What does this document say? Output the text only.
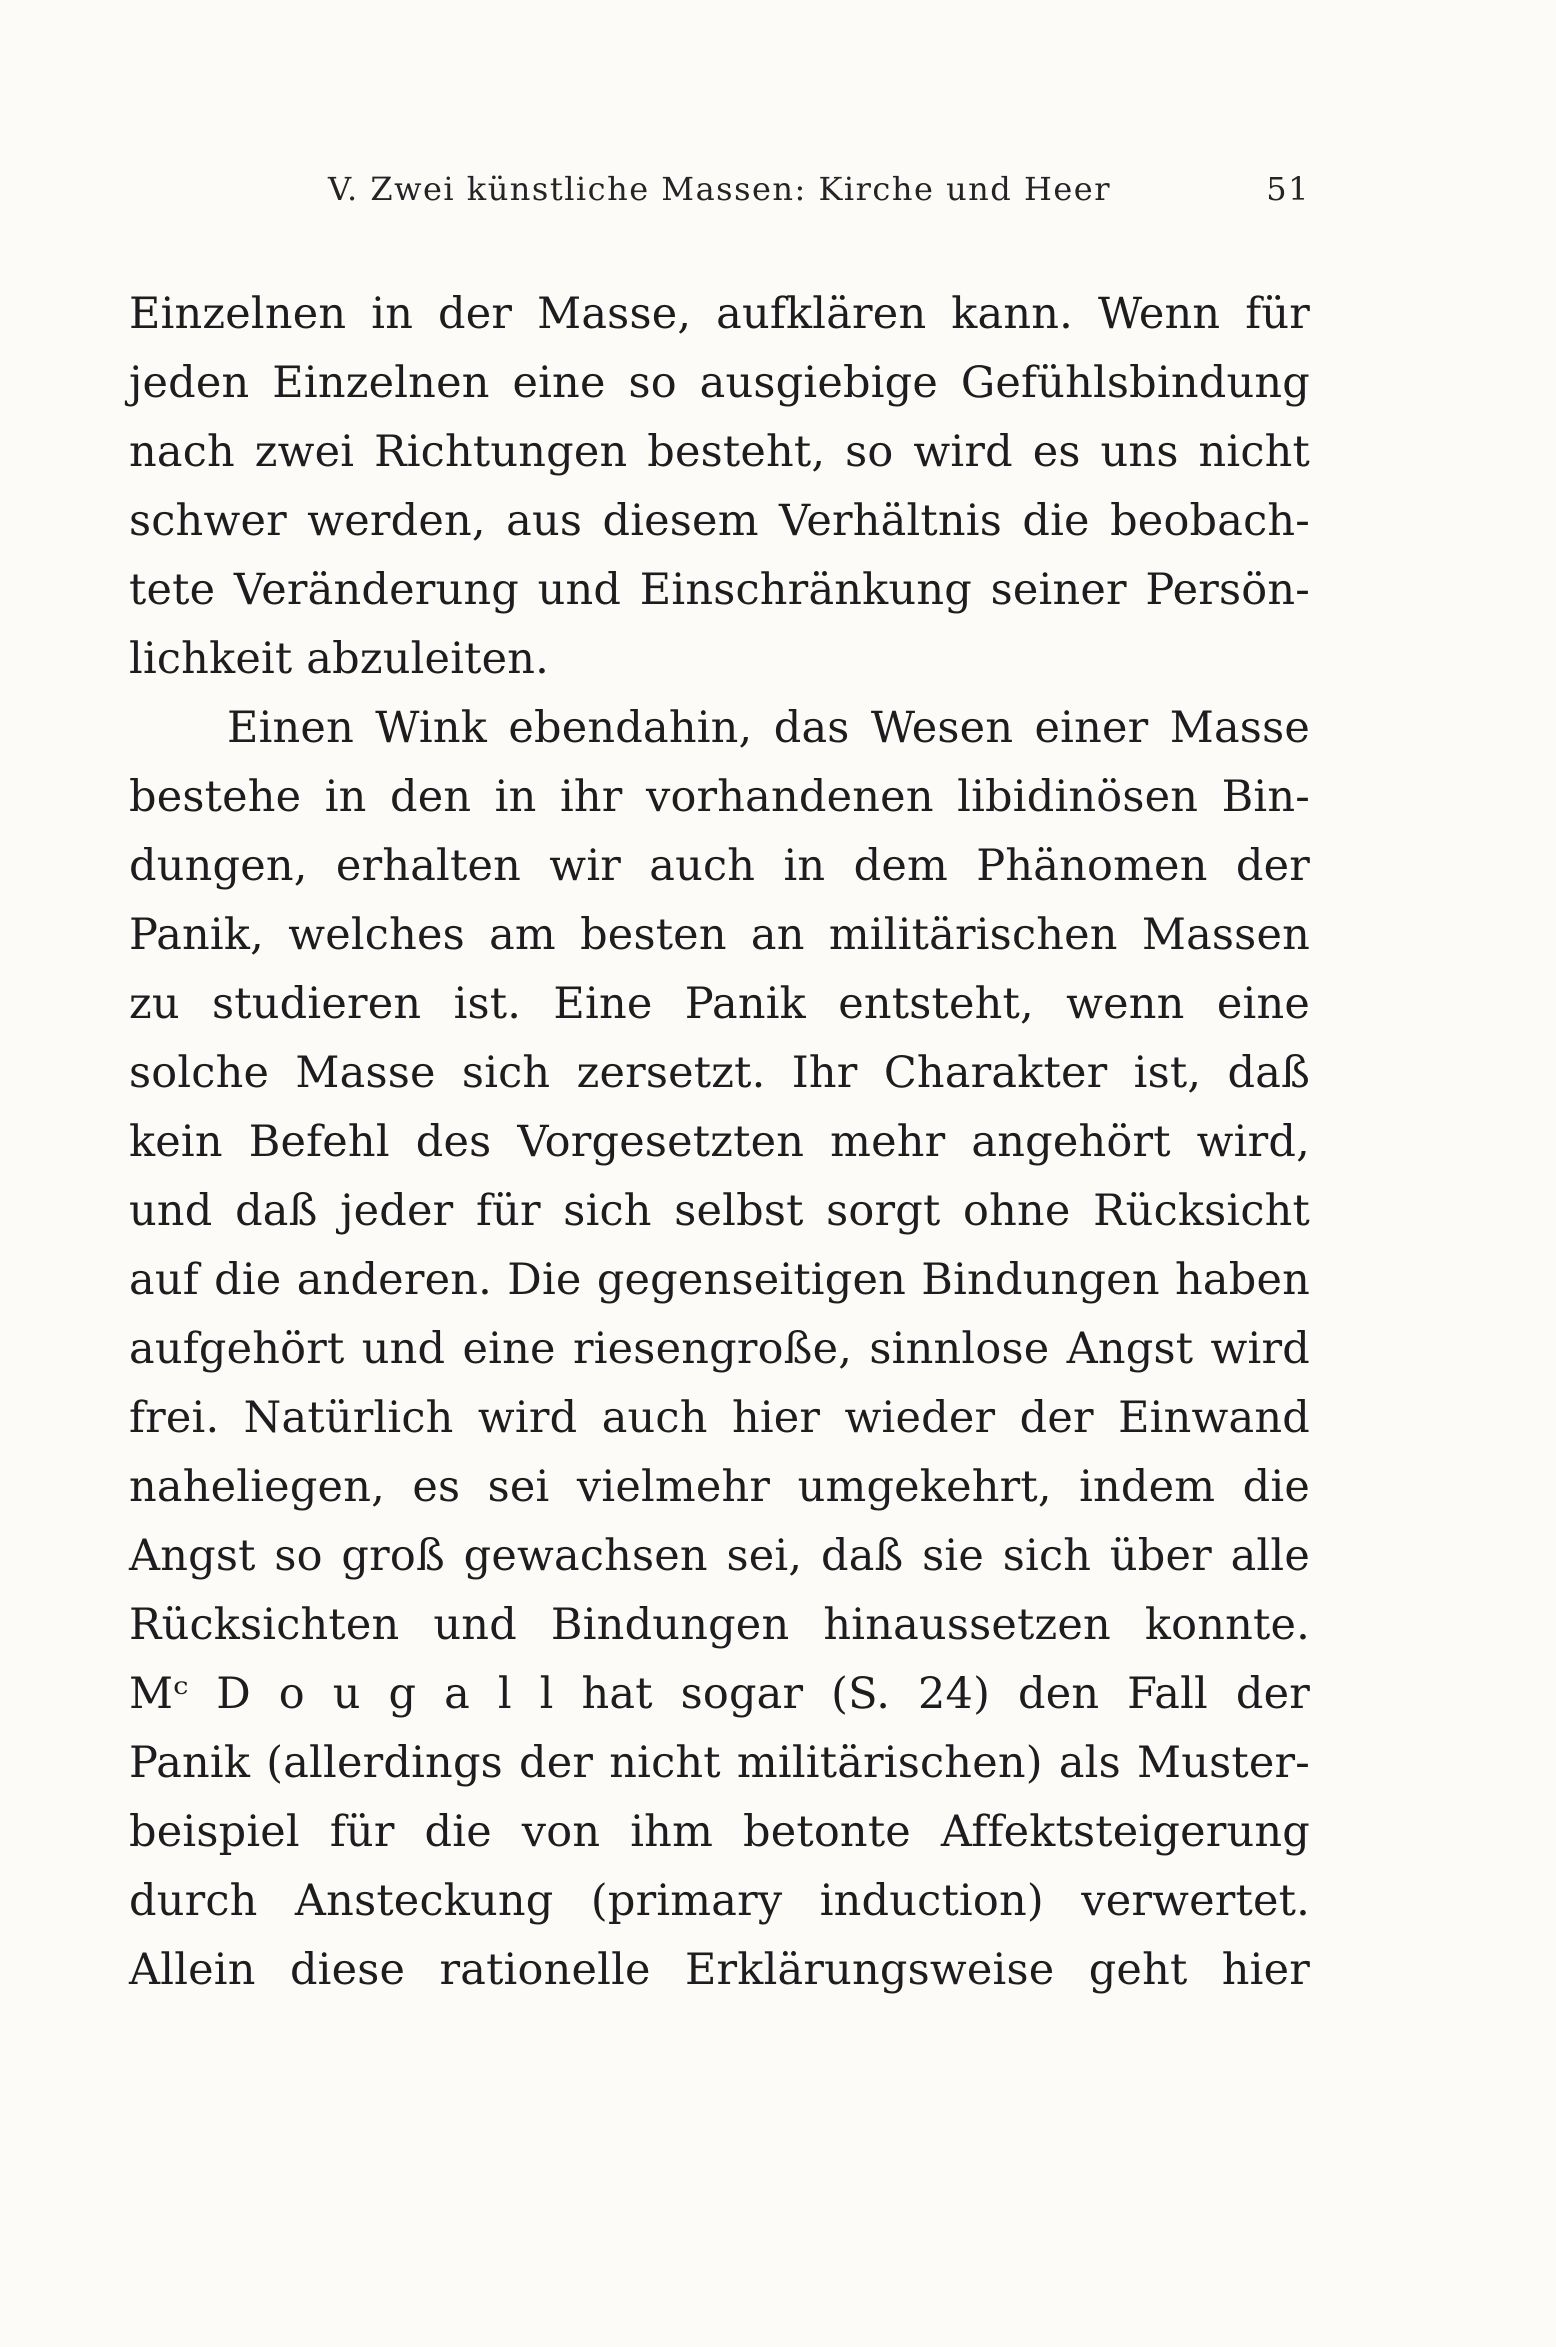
V. Zwei künstliche Massen: Kirche und Heer	51
Einzelnen in der Masse, aufklären kann. Wenn für
jeden Einzelnen eine so ausgiebige Gefühlsbindung
nach zwei Richtungen besteht, so wird es uns nicht
schwer werden, aus diesem Verhältnis die beobach-
tete Veränderung und Einschränkung seiner Persön-
lichkeit abzuleiten.
Einen Wink ebendahin, das Wesen einer Masse
bestehe in den in ihr vorhandenen libidinösen Bin-
dungen, erhalten wir auch in dem Phänomen der
Panik, welches am besten an militärischen Massen
zu studieren ist. Eine Panik entsteht, wenn eine
solche Masse sich zersetzt. Ihr Charakter ist, daß
kein Befehl des Vorgesetzten mehr angehört wird,
und daß jeder für sich selbst sorgt ohne Rücksicht
auf die anderen. Die gegenseitigen Bindungen haben
aufgehört und eine riesengroße, sinnlose Angst wird
frei. Natürlich wird auch hier wieder der Einwand
naheliegen, es sei vielmehr umgekehrt, indem die
Angst so groß gewachsen sei, daß sie sich über alle
Rücksichten und Bindungen hinaussetzen konnte.
Mᶜ D o u g a l l hat sogar (S. 24) den Fall der
Panik (allerdings der nicht militärischen) als Muster-
beispiel für die von ihm betonte Affektsteigerung
durch Ansteckung (primary induction) verwertet.
Allein diese rationelle Erklärungsweise geht hier
